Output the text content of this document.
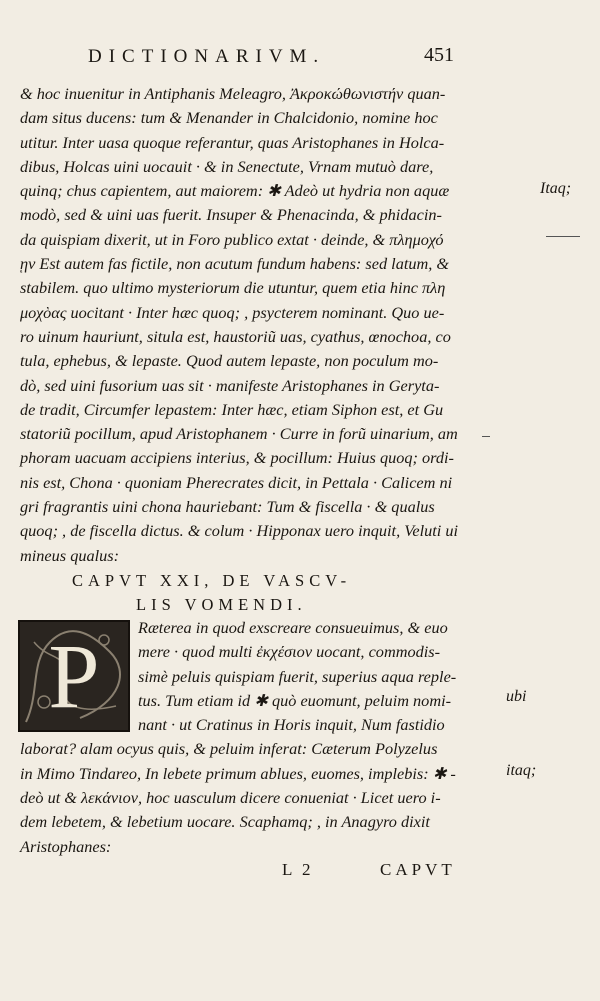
DICTIONARIVM.	451
& hoc inuenitur in Antiphanis Meleagro, Ἀκροκώθωνιστήν quan-
dam situs ducens: tum & Menander in Chalcidonio, nomine hoc
utitur. Inter uasa quoque referantur, quas Aristophanes in Holca-
dibus, Holcas uini uocauit · & in Senectute, Vrnam mutuò dare,
quinq; chus capientem, aut maiorem: ✱ Adeò ut hydria non aquæ
modò, sed & uini uas fuerit. Insuper & Phenacinda, & phidacin-
da quispiam dixerit, ut in Foro publico extat · deinde, & πλημοχό
ῃν Est autem fas fictile, non acutum fundum habens: sed latum, &
stabilem. quo ultimo mysteriorum die utuntur, quem etia hinc πλη
μοχὸας uocitant · Inter hæc quoq; , psycterem nominant. Quo ue-
ro uinum hauriunt, situla est, haustoriũ uas, cyathus, œnochoa, co
tula, ephebus, & lepaste. Quod autem lepaste, non poculum mo-
dò, sed uini fusorium uas sit · manifeste Aristophanes in Geryta-
de tradit, Circumfer lepastem: Inter hæc, etiam Siphon est, et Gu
statoriũ pocillum, apud Aristophanem · Curre in forũ uinarium, am
phoram uacuam accipiens interius, & pocillum: Huius quoq; ordi-
nis est, Chona · quoniam Pherecrates dicit, in Pettala · Calicem ni
gri fragrantis uini chona hauriebant: Tum & fiscella · & qualus
quoq; , de fiscella dictus. & colum · Hipponax uero inquit, Veluti ui
mineus qualus:
Itaq;
CAPVT XXI, DE VASCV-
LIS VOMENDI.
P	Ræterea in quod exscreare consueuimus, & euo
mere · quod multi ἐκχέσιον uocant, commodis-
simè peluis quispiam fuerit, superius aqua reple-
tus. Tum etiam id ✱ quò euomunt, peluim nomi-
nant · ut Cratinus in Horis inquit, Num fastidio
laborat? alam ocyus quis, & peluim inferat: Cæterum Polyzelus
in Mimo Tindareo, In lebete primum ablues, euomes, implebis: ✱ -
deò ut & λεκάνιον, hoc uasculum dicere conueniat · Licet uero i-
dem lebetem, & lebetium uocare. Scaphamq; , in Anagyro dixit
Aristophanes:
ubi
itaq;
L 2	CAPVT
